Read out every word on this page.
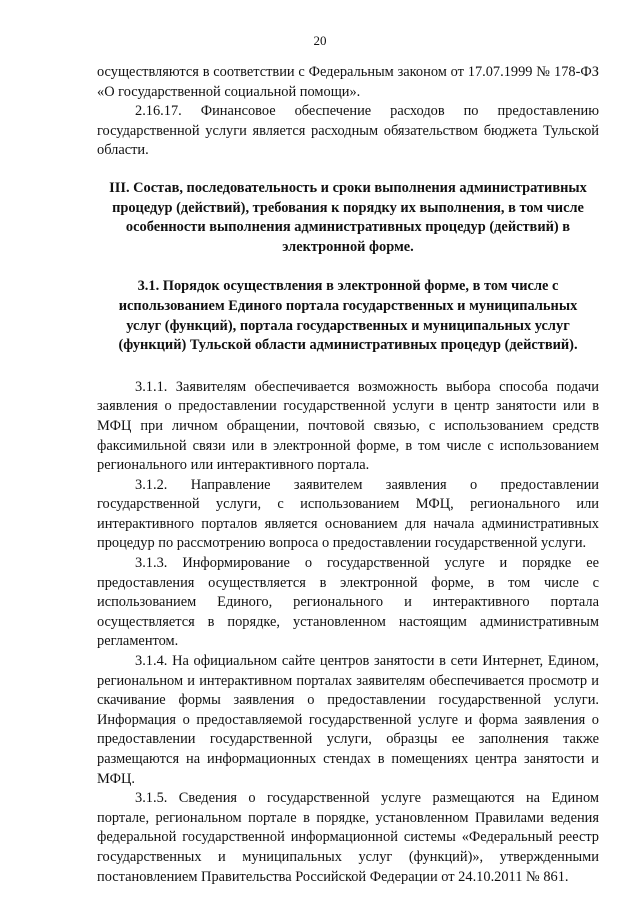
20

осуществляются в соответствии с Федеральным законом от 17.07.1999 № 178-ФЗ «О государственной социальной помощи».

2.16.17. Финансовое обеспечение расходов по предоставлению государственной услуги является расходным обязательством бюджета Тульской области.

III. Состав, последовательность и сроки выполнения административных процедур (действий), требования к порядку их выполнения, в том числе особенности выполнения административных процедур (действий) в электронной форме.

3.1. Порядок осуществления в электронной форме, в том числе с использованием Единого портала государственных и муниципальных услуг (функций), портала государственных и муниципальных услуг (функций) Тульской области административных процедур (действий).

3.1.1. Заявителям обеспечивается возможность выбора способа подачи заявления о предоставлении государственной услуги в центр занятости или в МФЦ при личном обращении, почтовой связью, с использованием средств факсимильной связи или в электронной форме, в том числе с использованием регионального или интерактивного портала.

3.1.2. Направление заявителем заявления о предоставлении государственной услуги, с использованием МФЦ, регионального или интерактивного порталов является основанием для начала административных процедур по рассмотрению вопроса о предоставлении государственной услуги.

3.1.3. Информирование о государственной услуге и порядке ее предоставления осуществляется в электронной форме, в том числе с использованием Единого, регионального и интерактивного портала осуществляется в порядке, установленном настоящим административным регламентом.

3.1.4. На официальном сайте центров занятости в сети Интернет, Едином, региональном и интерактивном порталах заявителям обеспечивается просмотр и скачивание формы заявления о предоставлении государственной услуги. Информация о предоставляемой государственной услуге и форма заявления о предоставлении государственной услуги, образцы ее заполнения также размещаются на информационных стендах в помещениях центра занятости и МФЦ.

3.1.5. Сведения о государственной услуге размещаются на Едином портале, региональном портале в порядке, установленном Правилами ведения федеральной государственной информационной системы «Федеральный реестр государственных и муниципальных услуг (функций)», утвержденными постановлением Правительства Российской Федерации от 24.10.2011 № 861.
